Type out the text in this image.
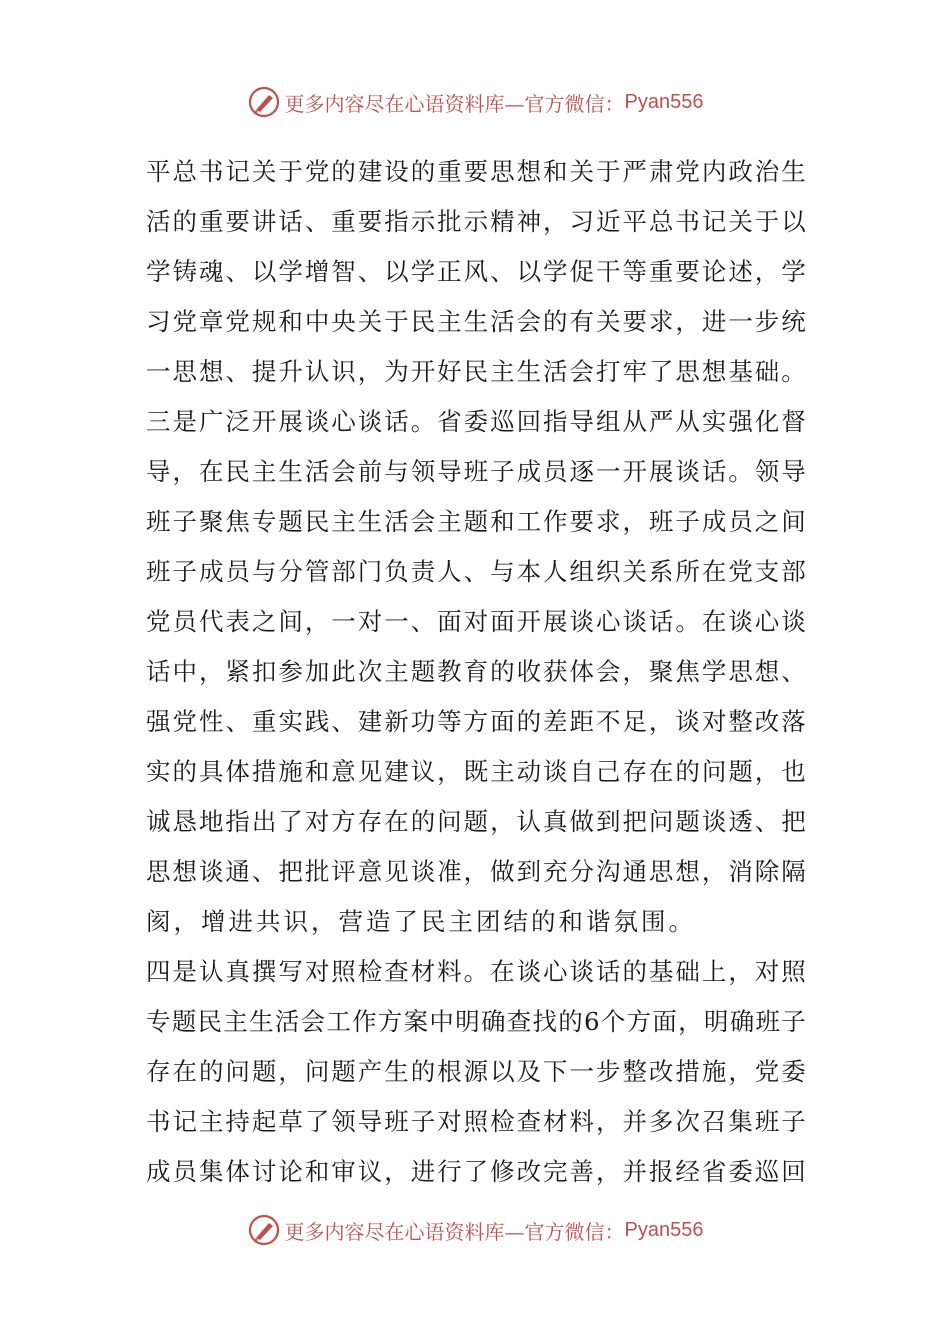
更多内容尽在心语资料库—官方微信： Pyan556
平 总 书 记 关 于 党 的 建 设 的 重 要 思 想 和 关 于 严 肃 党 内 政 治 生
活 的 重 要 讲 话 、 重 要 指 示 批 示 精 神 ， 习 近 平 总 书 记 关 于 以
学 铸 魂 、 以 学 增 智 、 以 学 正 风 、 以 学 促 干 等 重 要 论 述 ， 学
习 党 章 党 规 和 中 央 关 于 民 主 生 活 会 的 有 关 要 求 ， 进 一 步 统
一 思 想 、 提 升 认 识 ， 为 开 好 民 主 生 活 会 打 牢 了 思 想 基 础 。
三 是 广 泛 开 展 谈 心 谈 话 。 省 委 巡 回 指 导 组 从 严 从 实 强 化 督
导 ， 在 民 主 生 活 会 前 与 领 导 班 子 成 员 逐 一 开 展 谈 话 。 领 导
班 子 聚 焦 专 题 民 主 生 活 会 主 题 和 工 作 要 求 ， 班 子 成 员 之 间
班 子 成 员 与 分 管 部 门 负 责 人 、 与 本 人 组 织 关 系 所 在 党 支 部
党 员 代 表 之 间 ， 一 对 一 、 面 对 面 开 展 谈 心 谈 话 。 在 谈 心 谈
话 中 ， 紧 扣 参 加 此 次 主 题 教 育 的 收 获 体 会 ， 聚 焦 学 思 想 、
强 党 性 、 重 实 践 、 建 新 功 等 方 面 的 差 距 不 足 ， 谈 对 整 改 落
实 的 具 体 措 施 和 意 见 建 议 ， 既 主 动 谈 自 己 存 在 的 问 题 ， 也
诚 恳 地 指 出 了 对 方 存 在 的 问 题 ， 认 真 做 到 把 问 题 谈 透 、 把
思 想 谈 通 、 把 批 评 意 见 谈 准 ， 做 到 充 分 沟 通 思 想 ， 消 除 隔
阂 ， 增 进 共 识 ， 营 造 了 民 主 团 结 的 和 谐 氛 围 。
四 是 认 真 撰 写 对 照 检 查 材 料 。 在 谈 心 谈 话 的 基 础 上 ， 对 照
专 题 民 主 生 活 会 工 作 方 案 中 明 确 查 找 的 6 个 方 面 ， 明 确 班 子
存 在 的 问 题 ， 问 题 产 生 的 根 源 以 及 下 一 步 整 改 措 施 ， 党 委
书 记 主 持 起 草 了 领 导 班 子 对 照 检 查 材 料 ， 并 多 次 召 集 班 子
成 员 集 体 讨 论 和 审 议 ， 进 行 了 修 改 完 善 ， 并 报 经 省 委 巡 回
更多内容尽在心语资料库—官方微信： Pyan556
